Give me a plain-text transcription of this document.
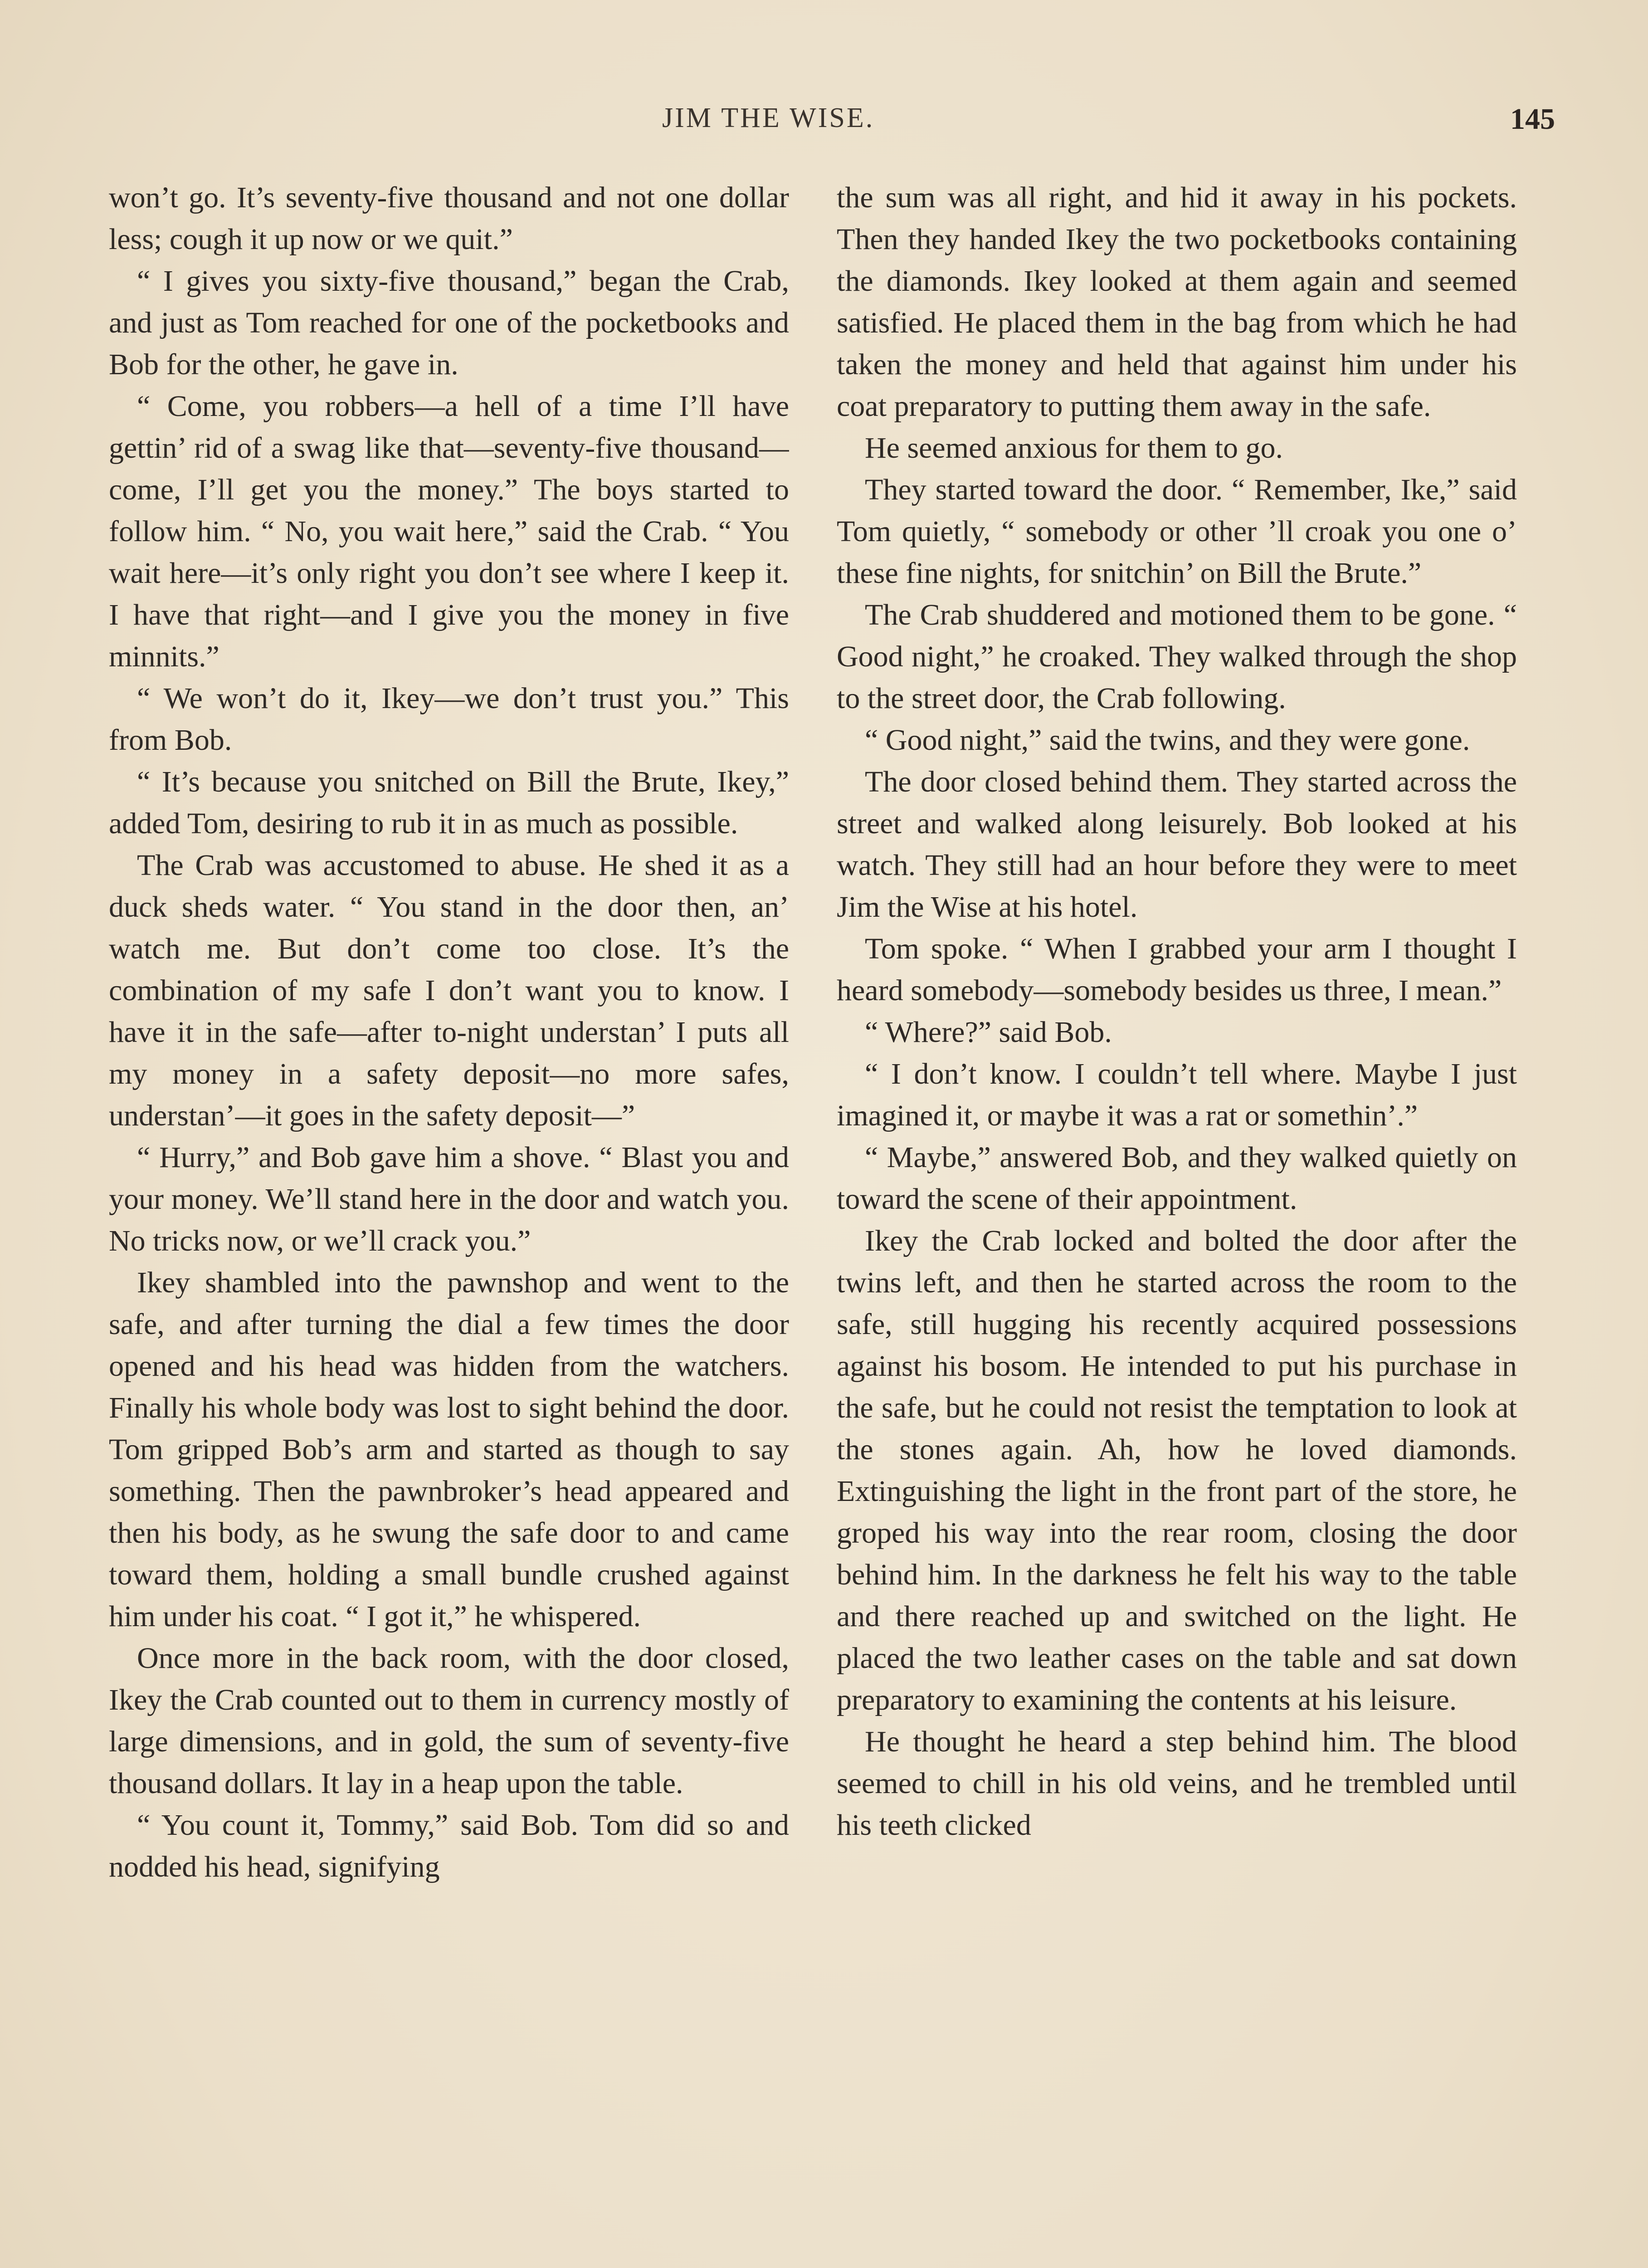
JIM THE WISE.	145

won’t go. It’s seventy-five thousand and not one dollar less; cough it up now or we quit.”

“ I gives you sixty-five thousand,” began the Crab, and just as Tom reached for one of the pocketbooks and Bob for the other, he gave in.

“ Come, you robbers—a hell of a time I’ll have gettin’ rid of a swag like that—seventy-five thousand—come, I’ll get you the money.” The boys started to follow him. “ No, you wait here,” said the Crab. “ You wait here—it’s only right you don’t see where I keep it. I have that right—and I give you the money in five minnits.”

“ We won’t do it, Ikey—we don’t trust you.” This from Bob.

“ It’s because you snitched on Bill the Brute, Ikey,” added Tom, desiring to rub it in as much as possible.

The Crab was accustomed to abuse. He shed it as a duck sheds water. “ You stand in the door then, an’ watch me. But don’t come too close. It’s the combination of my safe I don’t want you to know. I have it in the safe—after to-night understan’ I puts all my money in a safety deposit—no more safes, understan’—it goes in the safety deposit—”

“ Hurry,” and Bob gave him a shove. “ Blast you and your money. We’ll stand here in the door and watch you. No tricks now, or we’ll crack you.”

Ikey shambled into the pawnshop and went to the safe, and after turning the dial a few times the door opened and his head was hidden from the watchers. Finally his whole body was lost to sight behind the door. Tom gripped Bob’s arm and started as though to say something. Then the pawnbroker’s head appeared and then his body, as he swung the safe door to and came toward them, holding a small bundle crushed against him under his coat. “ I got it,” he whispered.

Once more in the back room, with the door closed, Ikey the Crab counted out to them in currency mostly of large dimensions, and in gold, the sum of seventy-five thousand dollars. It lay in a heap upon the table.

“ You count it, Tommy,” said Bob. Tom did so and nodded his head, signifying

the sum was all right, and hid it away in his pockets. Then they handed Ikey the two pocketbooks containing the diamonds. Ikey looked at them again and seemed satisfied. He placed them in the bag from which he had taken the money and held that against him under his coat preparatory to putting them away in the safe.

He seemed anxious for them to go.

They started toward the door. “ Remember, Ike,” said Tom quietly, “ somebody or other ’ll croak you one o’ these fine nights, for snitchin’ on Bill the Brute.”

The Crab shuddered and motioned them to be gone. “ Good night,” he croaked. They walked through the shop to the street door, the Crab following.

“ Good night,” said the twins, and they were gone.

The door closed behind them. They started across the street and walked along leisurely. Bob looked at his watch. They still had an hour before they were to meet Jim the Wise at his hotel.

Tom spoke. “ When I grabbed your arm I thought I heard somebody—somebody besides us three, I mean.”

“ Where?” said Bob.

“ I don’t know. I couldn’t tell where. Maybe I just imagined it, or maybe it was a rat or somethin’.”

“ Maybe,” answered Bob, and they walked quietly on toward the scene of their appointment.

Ikey the Crab locked and bolted the door after the twins left, and then he started across the room to the safe, still hugging his recently acquired possessions against his bosom. He intended to put his purchase in the safe, but he could not resist the temptation to look at the stones again. Ah, how he loved diamonds. Extinguishing the light in the front part of the store, he groped his way into the rear room, closing the door behind him. In the darkness he felt his way to the table and there reached up and switched on the light. He placed the two leather cases on the table and sat down preparatory to examining the contents at his leisure.

He thought he heard a step behind him. The blood seemed to chill in his old veins, and he trembled until his teeth clicked
